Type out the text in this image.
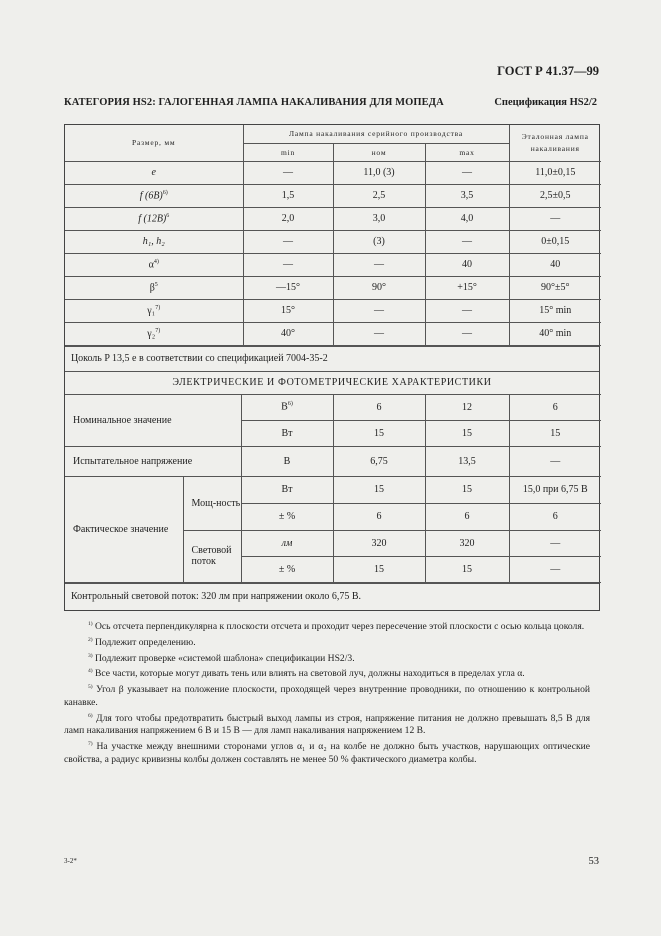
ГОСТ Р 41.37—99
КАТЕГОРИЯ HS2: ГАЛОГЕННАЯ ЛАМПА НАКАЛИВАНИЯ ДЛЯ МОПЕДА	Спецификация HS2/2
Размер, мм	Лампа накаливания серийного производства			Эталонная лампа накаливания
	min	ном	max	
e	—	11,0 (3)	—	11,0±0,15
f $(6B)^{6)}$	1,5	2,5	3,5	2,5±0,5
f $(12B)^6$	2,0	3,0	4,0	—
h₁, h₂	—	(3)	—	0±0,15
$\alpha^{4)}$	—	—	40	40
$\beta^5$	—15°	90°	+15°	90°±5°
γ₁$^{7)}$	15°	—	—	15° min
γ₂$^{7)}$	40°	—	—	40° min
Цоколь P 13,5 e в соответствии со спецификацией 7004-35-2
ЭЛЕКТРИЧЕСКИЕ И ФОТОМЕТРИЧЕСКИЕ ХАРАКТЕРИСТИКИ
Номинальное значение		$B^{6)}$	6	12	6
		Вт	15	15	15
Испытательное напряжение		B	6,75	13,5	—
Фактическое значение	Мощ-ность	Вт	15	15	15,0 при 6,75 B
		± %	6	6	6
	Световой поток	лм	320	320	—
		± %	15	15	—
Контрольный световой поток: 320 лм при напряжении около 6,75 B.

$^{1)}$ Ось отсчета перпендикулярна к плоскости отсчета и проходит через пересечение этой плоскости с осью кольца цоколя.

$^{2)}$ Подлежит определению.

$^{3)}$ Подлежит проверке «системой шаблона» спецификации HS2/3.

$^{4)}$ Все части, которые могут дивать тень или влиять на световой луч, должны находиться в пределах угла α.

$^{5)}$ Угол β указывает на положение плоскости, проходящей через внутренние проводники, по отношению к контрольной канавке.

$^{6)}$ Для того чтобы предотвратить быстрый выход лампы из строя, напряжение питания не должно превышать 8,5 B для ламп накаливания напряжением 6 B и 15 B — для ламп накаливания напряжением 12 B.

$^{7)}$ На участке между внешними сторонами углов α₁ и α₂ на колбе не должно быть участков, нарушающих оптические свойства, а радиус кривизны колбы должен составлять не менее 50 % фактического диаметра колбы.

3-2*	53
